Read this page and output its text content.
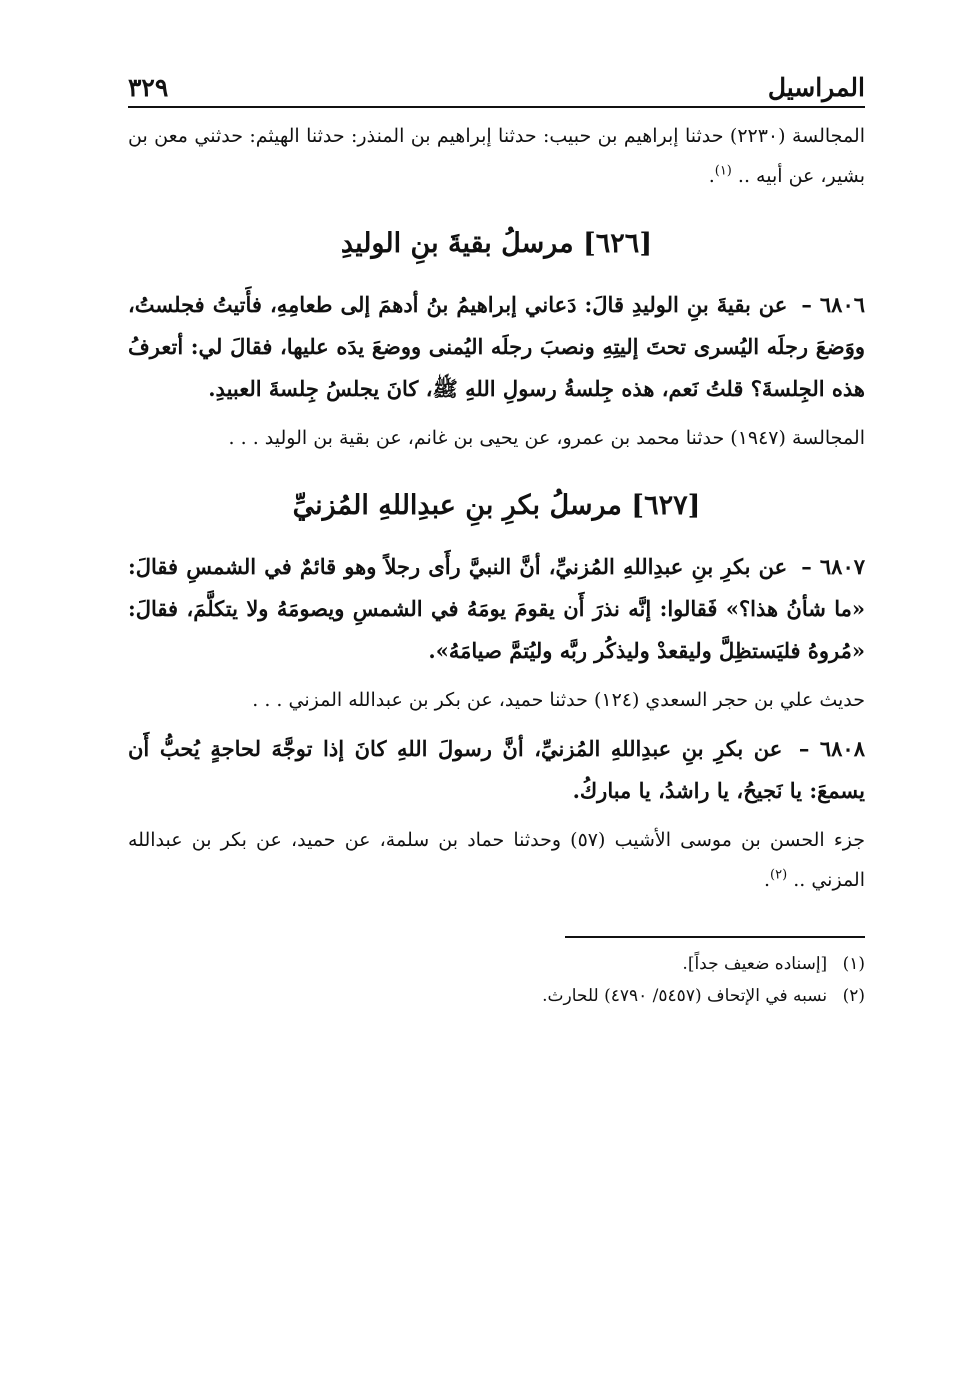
المراسيل
٣٢٩

المجالسة (٢٢٣٠) حدثنا إبراهيم بن حبيب: حدثنا إبراهيم بن المنذر: حدثنا الهيثم: حدثني معن بن بشير، عن أبيه .. $^{(١)}$.

[٦٢٦] مرسلُ بقيةَ بنِ الوليدِ

٦٨٠٦ – عن بقيةَ بنِ الوليدِ قالَ: دَعاني إبراهيمُ بنُ أدهمَ إلى طعامِهِ، فأَتيتُ فجلستُ، ووَضعَ رجلَه اليُسرى تحتَ إليتِهِ ونصبَ رجلَه اليُمنى ووضعَ يدَه عليها، فقالَ لي: أتعرفُ هذه الجِلسةَ؟ قلتُ نَعم، هذه جِلسةُ رسولِ اللهِ ﷺ، كانَ يجلسُ جِلسةَ العبيدِ.

المجالسة (١٩٤٧) حدثنا محمد بن عمرو، عن يحيى بن غانم، عن بقية بن الوليد . . .

[٦٢٧] مرسلُ بكرِ بنِ عبدِاللهِ المُزنيِّ

٦٨٠٧ – عن بكرِ بنِ عبدِاللهِ المُزنيِّ، أنَّ النبيَّ رأَى رجلاً وهو قائمٌ في الشمسِ فقالَ: «ما شأنُ هذا؟» فَقالوا: إنَّه نذرَ أَن يقومَ يومَهُ في الشمسِ ويصومَهُ ولا يتكلَّمَ، فقالَ: «مُروهُ فليَستظِلَّ وليقعدْ وليذكُر ربَّه وليُتمَّ صيامَهُ».

حديث علي بن حجر السعدي (١٢٤) حدثنا حميد، عن بكر بن عبدالله المزني . . .

٦٨٠٨ – عن بكرِ بنِ عبدِاللهِ المُزنيِّ، أنَّ رسولَ اللهِ كانَ إذا توجَّهَ لحاجةٍ يُحبُّ أَن يسمعَ: يا نَجيحُ، يا راشدُ، يا مباركُ.

جزء الحسن بن موسى الأشيب (٥٧) وحدثنا حماد بن سلمة، عن حميد، عن بكر بن عبدالله المزني .. $^{(٢)}$.

(١) [إسناده ضعيف جداً].

(٢) نسبه في الإتحاف (٥٤٥٧/ ٤٧٩٠) للحارث.
